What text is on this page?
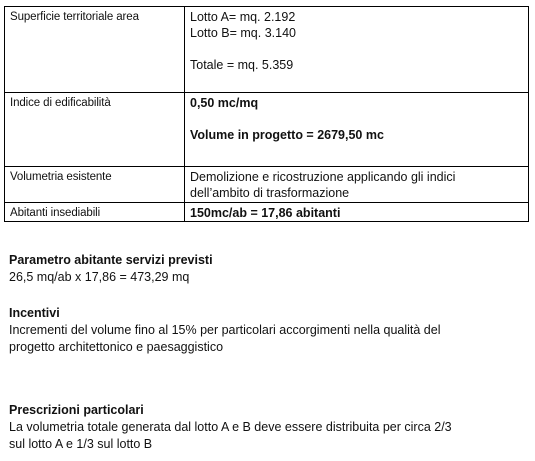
Superficie territoriale area	Lotto A= mq. 2.192
Lotto B= mq. 3.140
Totale = mq. 5.359

Indice di edificabilità	0,50 mc/mq
Volume in progetto = 2679,50 mc

Volumetria esistente	Demolizione e ricostruzione applicando gli indici
dell’ambito di trasformazione

Abitanti insediabili	150mc/ab = 17,86 abitanti
Parametro abitante servizi previsti
26,5 mq/ab x 17,86 = 473,29 mq
Incentivi
Incrementi del volume fino al 15% per particolari accorgimenti nella qualità del
progetto architettonico e paesaggistico
Prescrizioni particolari
La volumetria totale generata dal lotto A e B deve essere distribuita per circa 2/3
sul lotto A e 1/3 sul lotto B
